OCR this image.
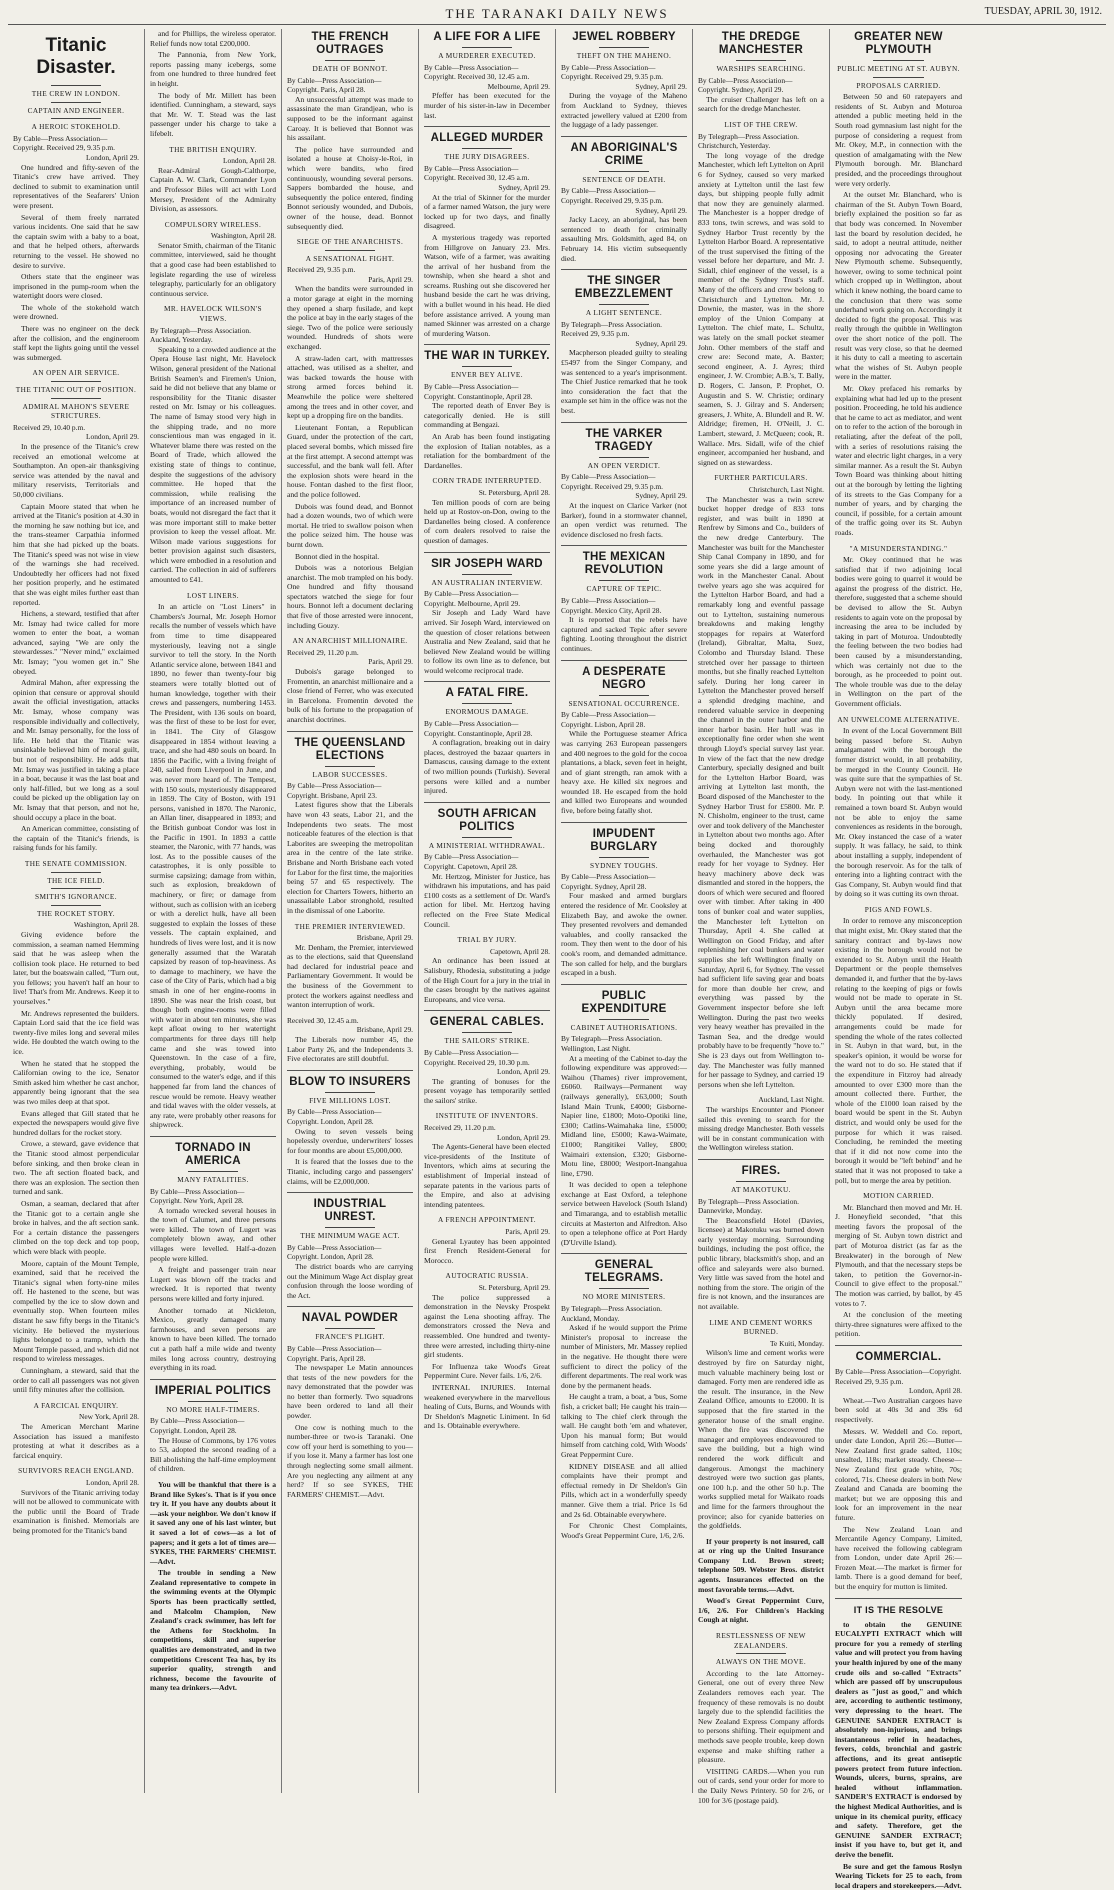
THE TARANAKI DAILY NEWS	TUESDAY, APRIL 30, 1912.
Titanic Disaster.
THE CREW IN LONDON.
CAPTAIN AND ENGINEER.
A HEROIC STOKEHOLD.
By Cable—Press Association—Copyright. Received 29, 9.35 p.m.
London, April 29.

One hundred and fifty-seven of the Titanic's crew have arrived. They declined to submit to examination until representatives of the Seafarers' Union were present.

Several of them freely narrated various incidents. One said that he saw the captain swim with a baby to a boat, and that he helped others, afterwards returning to the vessel. He showed no desire to survive.

Others state that the engineer was imprisoned in the pump-room when the watertight doors were closed.

The whole of the stokehold watch were drowned.

There was no engineer on the deck after the collision, and the engineroom staff kept the lights going until the vessel was submerged.

AN OPEN AIR SERVICE.
THE TITANIC OUT OF POSITION.
ADMIRAL MAHON'S SEVERE STRICTURES.
Received 29, 10.40 p.m.
London, April 29.

In the presence of the Titanic's crew received an emotional welcome at Southampton. An open-air thanksgiving service was attended by the naval and military reservists, Territorials and 50,000 civilians.

Captain Moore stated that when he arrived at the Titanic's position at 4.30 in the morning he saw nothing but ice, and the trans-steamer Carpathia informed him that she had picked up the boats. The Titanic's speed was not wise in view of the warnings she had received. Undoubtedly her officers had not fixed her position properly, and he estimated that she was eight miles further east than reported.

Hichens, a steward, testified that after Mr. Ismay had twice called for more women to enter the boat, a woman advanced, saying "We are only the stewardesses." "Never mind," exclaimed Mr. Ismay; "you women get in." She obeyed.

Admiral Mahon, after expressing the opinion that censure or approval should await the official investigation, attacks Mr. Ismay, whose company was responsible individually and collectively, and Mr. Ismay personally, for the loss of life. He held that the Titanic was unsinkable believed him of moral guilt, but not of responsibility. He adds that Mr. Ismay was justified in taking a place in a boat, because it was the last boat and only half-filled, but we long as a soul could be picked up the obligation lay on Mr. Ismay that that person, and not he, should occupy a place in the boat.

An American committee, consisting of the captain of the Titanic's friends, is raising funds for his family.

THE SENATE COMMISSION.
THE ICE FIELD.
SMITH'S IGNORANCE.
THE ROCKET STORY.
Washington, April 28.

Giving evidence before the commission, a seaman named Hemming said that he was asleep when the collision took place. He returned to bed later, but the boatswain called, "Turn out, you fellows; you haven't half an hour to live! That's from Mr. Andrews. Keep it to yourselves."

Mr. Andrews represented the builders. Captain Lord said that the ice field was twenty-five miles long and several miles wide. He doubted the watch owing to the ice.

When he stated that he stopped the Californian owing to the ice, Senator Smith asked him whether he cast anchor, apparently being ignorant that the sea was two miles deep at that spot.

Evans alleged that Gill stated that he expected the newspapers would give five hundred dollars for the rocket story.

Crowe, a steward, gave evidence that the Titanic stood almost perpendicular before sinking, and then broke clean in two. The aft section floated back, and there was an explosion. The section then turned and sank.

Osman, a seaman, declared that after the Titanic got to a certain angle she broke in halves, and the aft section sank. For a certain distance the passengers climbed on the top deck and top poop, which were black with people.

Moore, captain of the Mount Temple, examined, said that he received the Titanic's signal when forty-nine miles off. He hastened to the scene, but was compelled by the ice to slow down and eventually stop. When fourteen miles distant he saw fifty bergs in the Titanic's vicinity. He believed the mysterious lights belonged to a tramp, which the Mount Temple passed, and which did not respond to wireless messages.

Cunningham, a steward, said that the order to call all passengers was not given until fifty minutes after the collision.

A FARCICAL ENQUIRY.
New York, April 28.

The American Merchant Marine Association has issued a manifesto protesting at what it describes as a farcical enquiry.

SURVIVORS REACH ENGLAND.
London, April 28.

Survivors of the Titanic arriving today will not be allowed to communicate with the public until the Board of Trade examination is finished. Memorials are being promoted for the Titanic's band

and for Phillips, the wireless operator. Relief funds now total £200,000.

The Pannonia, from New York, reports passing many icebergs, some from one hundred to three hundred feet in height.

The body of Mr. Millett has been identified. Cunningham, a steward, says that Mr. W. T. Stead was the last passenger under his charge to take a lifebelt.

THE BRITISH ENQUIRY.
London, April 28.

Rear-Admiral Gough-Calthorpe, Captain A. W. Clark, Commander Lyon and Professor Biles will act with Lord Mersey, President of the Admiralty Division, as assessors.

COMPULSORY WIRELESS.
Washington, April 28.

Senator Smith, chairman of the Titanic committee, interviewed, said he thought that a good case had been established to legislate regarding the use of wireless telegraphy, particularly for an obligatory continuous service.

MR. HAVELOCK WILSON'S VIEWS.
By Telegraph—Press Association. Auckland, Yesterday.

Speaking to a crowded audience at the Opera House last night, Mr. Havelock Wilson, general president of the National British Seamen's and Firemen's Union, said he did not believe that any blame or responsibility for the Titanic disaster rested on Mr. Ismay or his colleagues. The name of Ismay stood very high in the shipping trade, and no more conscientious man was engaged in it. Whatever blame there was rested on the Board of Trade, which allowed the existing state of things to continue, despite the suggestions of the advisory committee. He hoped that the commission, while realising the importance of an increased number of boats, would not disregard the fact that it was more important still to make better provision to keep the vessel afloat. Mr. Wilson made various suggestions for better provision against such disasters, which were embodied in a resolution and carried. The collection in aid of sufferers amounted to £41.

LOST LINERS.

In an article on "Lost Liners" in Chambers's Journal, Mr. Joseph Hornor recalls the number of vessels which have from time to time disappeared mysteriously, leaving not a single survivor to tell the story. In the North Atlantic service alone, between 1841 and 1890, no fewer than twenty-four big steamers were totally blotted out of human knowledge, together with their crews and passengers, numbering 1453. The President, with 136 souls on board, was the first of these to be lost for ever, in 1841. The City of Glasgow disappeared in 1854 without leaving a trace, and she had 480 souls on board. In 1856 the Pacific, with a living freight of 240, sailed from Liverpool in June, and was never more heard of. The Tempest, with 150 souls, mysteriously disappeared in 1859. The City of Boston, with 191 persons, vanished in 1870. The Naronic, an Allan liner, disappeared in 1893; and the British gunboat Condor was lost in the Pacific in 1901. In 1893 a cattle steamer, the Naronic, with 77 hands, was lost. As to the possible causes of the catastrophes, it is only possible to surmise capsizing; damage from within, such as explosion, breakdown of machinery, or fire; or damage from without, such as collision with an iceberg or with a derelict hulk, have all been suggested to explain the losses of these vessels. The captain explained, and hundreds of lives were lost, and it is now generally assumed that the Waratah capsized by reason of top-heaviness. As to damage to machinery, we have the case of the City of Paris, which had a big smash in one of her engine-rooms in 1890. She was near the Irish coast, but though both engine-rooms were filled with water in about ten minutes, she was kept afloat owing to her watertight compartments for three days till help came and she was towed into Queenstown. In the case of a fire, everything, probably, would be consumed to the water's edge, and if this happened far from land the chances of rescue would be remote. Heavy weather and tidal waves with the older vessels, at any rate, were probably other reasons for shipwreck.

TORNADO IN AMERICA
MANY FATALITIES.
By Cable—Press Association—Copyright. New York, April 28.

A tornado wrecked several houses in the town of Calumet, and three persons were killed. The town of Lugert was completely blown away, and other villages were levelled. Half-a-dozen people were killed.

A freight and passenger train near Lugert was blown off the tracks and wrecked. It is reported that twenty persons were killed and forty injured.

Another tornado at Nickleton, Mexico, greatly damaged many farmhouses, and seven persons are known to have been killed. The tornado cut a path half a mile wide and twenty miles long across country, destroying everything in its road.

IMPERIAL POLITICS
NO MORE HALF-TIMERS.
By Cable—Press Association—Copyright. London, April 28.

The House of Commons, by 176 votes to 53, adopted the second reading of a Bill abolishing the half-time employment of children.

You will be thankful that there is a Brand like Sykes's. That is if you once try it. If you have any doubts about it—ask your neighbor. We don't know if it saved any one of his last winter, but it saved a lot of cows—as a lot of papers; and it gets a lot of times are—SYKES, THE FARMERS' CHEMIST.—Advt.

The trouble in sending a New Zealand representative to compete in the swimming events at the Olympic Sports has been practically settled, and Malcolm Champion, New Zealand's crack swimmer, has left for the Athens for Stockholm. In competitions, skill and superior qualities are demonstrated, and in two competitions Crescent Tea has, by its superior quality, strength and richness, become the favourite of many tea drinkers.—Advt.

THE FRENCH OUTRAGES
DEATH OF BONNOT.
By Cable—Press Association—Copyright. Paris, April 28.

An unsuccessful attempt was made to assassinate the man Grandjean, who is supposed to be the informant against Caroay. It is believed that Bonnot was his assailant.

The police have surrounded and isolated a house at Choisy-le-Roi, in which were bandits, who fired continuously, wounding several persons. Sappers bombarded the house, and subsequently the police entered, finding Bonnot seriously wounded, and Dubois, owner of the house, dead. Bonnot subsequently died.

SIEGE OF THE ANARCHISTS.
A SENSATIONAL FIGHT.
Received 29, 9.35 p.m.
Paris, April 29.

When the bandits were surrounded in a motor garage at eight in the morning they opened a sharp fusilade, and kept the police at bay in the early stages of the siege. Two of the police were seriously wounded. Hundreds of shots were exchanged.

A straw-laden cart, with mattresses attached, was utilised as a shelter, and was backed towards the house with strong armed forces behind it. Meanwhile the police were sheltered among the trees and in other cover, and kept up a dropping fire on the bandits.

Lieutenant Fontan, a Republican Guard, under the protection of the cart, placed several bombs, which missed fire at the first attempt. A second attempt was successful, and the bank wall fell. After the explosion shots were heard in the house. Fontan dashed to the first floor, and the police followed.

Dubois was found dead, and Bonnot had a dozen wounds, two of which were mortal. He tried to swallow poison when the police seized him. The house was burnt down.

Bonnot died in the hospital.

Dubois was a notorious Belgian anarchist. The mob trampled on his body. One hundred and fifty thousand spectators watched the siege for four hours. Bonnot left a document declaring that five of those arrested were innocent, including Gouzy.

AN ANARCHIST MILLIONAIRE.
Received 29, 11.20 p.m.
Paris, April 29.

Dubois's garage belonged to Fromentin, an anarchist millionaire and a close friend of Ferrer, who was executed in Barcelona. Fromentin devoted the bulk of his fortune to the propagation of anarchist doctrines.

THE QUEENSLAND ELECTIONS
LABOR SUCCESSES.
By Cable—Press Association—Copyright. Brisbane, April 23.

Latest figures show that the Liberals have won 43 seats, Labor 21, and the Independents two seats. The most noticeable features of the election is that Laborites are sweeping the metropolitan area in the centre of the late strike. Brisbane and North Brisbane each voted for Labor for the first time, the majorities being 57 and 65 respectively. The election for Charters Towers, hitherto an unassailable Labor stronghold, resulted in the dismissal of one Laborite.

THE PREMIER INTERVIEWED.
Brisbane, April 29.

Mr. Denham, the Premier, interviewed as to the elections, said that Queensland had declared for industrial peace and Parliamentary Government. It would be the business of the Government to protect the workers against needless and wanton interruption of work.

Received 30, 12.45 a.m.
Brisbane, April 29.

The Liberals now number 45, the Labor Party 26, and the Independents 3. Five electorates are still doubtful.

BLOW TO INSURERS
FIVE MILLIONS LOST.
By Cable—Press Association—Copyright. London, April 28.

Owing to seven vessels being hopelessly overdue, underwriters' losses for four months are about £5,000,000.

It is feared that the losses due to the Titanic, including cargo and passengers' claims, will be £2,000,000.

INDUSTRIAL UNREST.
THE MINIMUM WAGE ACT.
By Cable—Press Association—Copyright. London, April 28.

The district boards who are carrying out the Minimum Wage Act display great confusion through the loose wording of the Act.

NAVAL POWDER
FRANCE'S PLIGHT.
By Cable—Press Association—Copyright. Paris, April 28.

The newspaper Le Matin announces that tests of the new powders for the navy demonstrated that the powder was no better than formerly. Two squadrons have been ordered to land all their powder.

One cow is nothing much to the number-three or two-is Taranaki. One cow off your herd is something to you—if you lose it. Many a farmer has lost one through neglecting some small ailment. Are you neglecting any ailment at any herd? If so see SYKES, THE FARMERS' CHEMIST.—Advt.

A LIFE FOR A LIFE
A MURDERER EXECUTED.
By Cable—Press Association—Copyright. Received 30, 12.45 a.m.
Melbourne, April 29.

Pfeffer has been executed for the murder of his sister-in-law in December last.

ALLEGED MURDER
THE JURY DISAGREES.
By Cable—Press Association—Copyright. Received 30, 12.45 a.m.
Sydney, April 29.

At the trial of Skinner for the murder of a farmer named Watson, the jury were locked up for two days, and finally disagreed.

A mysterious tragedy was reported from Hillgrove on January 23. Mrs. Watson, wife of a farmer, was awaiting the arrival of her husband from the township, when she heard a shot and screams. Rushing out she discovered her husband beside the cart he was driving, with a bullet wound in his head. He died before assistance arrived. A young man named Skinner was arrested on a charge of murdering Watson.

THE WAR IN TURKEY.
ENVER BEY ALIVE.
By Cable—Press Association—Copyright. Constantinople, April 28.

The reported death of Enver Bey is categorically denied. He is still commanding at Bengazi.

An Arab has been found instigating the explosion of Italian notables, as a retaliation for the bombardment of the Dardanelles.

CORN TRADE INTERRUPTED.
St. Petersburg, April 28.

Ten million poods of corn are being held up at Rostov-on-Don, owing to the Dardanelles being closed. A conference of corn dealers resolved to raise the question of damages.

SIR JOSEPH WARD
AN AUSTRALIAN INTERVIEW.
By Cable—Press Association—Copyright. Melbourne, April 29.

Sir Joseph and Lady Ward have arrived. Sir Joseph Ward, interviewed on the question of closer relations between Australia and New Zealand, said that he believed New Zealand would be willing to follow its own line as to defence, but would welcome reciprocal trade.

A FATAL FIRE.
ENORMOUS DAMAGE.
By Cable—Press Association—Copyright. Constantinople, April 28.

A conflagration, breaking out in dairy places, destroyed the bazaar quarters in Damascus, causing damage to the extent of two million pounds (Turkish). Several persons were killed and a number injured.

SOUTH AFRICAN POLITICS
A MINISTERIAL WITHDRAWAL.
By Cable—Press Association—Copyright. Capetown, April 28.

Mr. Hertzog, Minister for Justice, has withdrawn his imputations, and has paid £100 costs as a settlement of Dr. Ward's action for libel. Mr. Hertzog having reflected on the Free State Medical Council.

TRIAL BY JURY.
Capetown, April 28.

An ordinance has been issued at Salisbury, Rhodesia, substituting a judge of the High Court for a jury in the trial in the cases brought by the natives against Europeans, and vice versa.

GENERAL CABLES.
THE SAILORS' STRIKE.
By Cable—Press Association—Copyright. Received 29, 10.30 p.m.
London, April 29.

The granting of bonuses for the present voyage has temporarily settled the sailors' strike.

INSTITUTE OF INVENTORS.
Received 29, 11.20 p.m.
London, April 29.

The Agents-General have been elected vice-presidents of the Institute of Inventors, which aims at securing the establishment of Imperial instead of separate patents in the various parts of the Empire, and also at advising intending patentees.

A FRENCH APPOINTMENT.
Paris, April 29.

General Lyautey has been appointed first French Resident-General for Morocco.

AUTOCRATIC RUSSIA.
St. Petersburg, April 29.

The police suppressed a demonstration in the Nevsky Prospekt against the Lena shooting affray. The demonstrators crossed the Neva and reassembled. One hundred and twenty-three were arrested, including thirty-nine girl students.

For Influenza take Wood's Great Peppermint Cure. Never fails. 1/6, 2/6.

INTERNAL INJURIES. Internal weakened everywhere in the marvellous healing of Cuts, Burns, and Wounds with Dr Sheldon's Magnetic Liniment. In 6d and 1s. Obtainable everywhere.

JEWEL ROBBERY
THEFT ON THE MAHENO.
By Cable—Press Association—Copyright. Received 29, 9.35 p.m.
Sydney, April 29.

During the voyage of the Maheno from Auckland to Sydney, thieves extracted jewellery valued at £200 from the luggage of a lady passenger.

AN ABORIGINAL'S CRIME
SENTENCE OF DEATH.
By Cable—Press Association—Copyright. Received 29, 9.35 p.m.
Sydney, April 29.

Jacky Lacey, an aboriginal, has been sentenced to death for criminally assaulting Mrs. Goldsmith, aged 84, on February 14. His victim subsequently died.

THE SINGER EMBEZZLEMENT
A LIGHT SENTENCE.
By Telegraph—Press Association. Received 29, 9.35 p.m.
Sydney, April 29.

Macpherson pleaded guilty to stealing £5497 from the Singer Company, and was sentenced to a year's imprisonment. The Chief Justice remarked that he took into consideration the fact that the example set him in the office was not the best.

THE VARKER TRAGEDY
AN OPEN VERDICT.
By Cable—Press Association—Copyright. Received 29, 9.35 p.m.
Sydney, April 29.

At the inquest on Clarice Varker (not Barker), found in a stormwater channel, an open verdict was returned. The evidence disclosed no fresh facts.

THE MEXICAN REVOLUTION
CAPTURE OF TEPIC.
By Cable—Press Association—Copyright. Mexico City, April 28.

It is reported that the rebels have captured and sacked Tepic after severe fighting. Looting throughout the district continues.

A DESPERATE NEGRO
SENSATIONAL OCCURRENCE.
By Cable—Press Association—Copyright. Lisbon, April 28.

While the Portuguese steamer Africa was carrying 263 European passengers and 400 negroes to the gold for the cocoa plantations, a black, seven feet in height, and of giant strength, ran amok with a heavy axe. He killed six negroes and wounded 18. He escaped from the hold and killed two Europeans and wounded five, before being fatally shot.

IMPUDENT BURGLARY
SYDNEY TOUGHS.
By Cable—Press Association—Copyright. Sydney, April 28.

Four masked and armed burglars entered the residence of Mr. Cooksley at Elizabeth Bay, and awoke the owner. They presented revolvers and demanded valuables, and coolly ransacked the room. They then went to the door of his cook's room, and demanded admittance. The son called for help, and the burglars escaped in a bush.

PUBLIC EXPENDITURE
CABINET AUTHORISATIONS.
By Telegraph—Press Association. Wellington, Last Night.

At a meeting of the Cabinet to-day the following expenditure was approved:— Waihou (Thames) river improvement, £6060. Railways—Permanent way (railways generally), £63,000; South Island Main Trunk, £4000; Gisborne-Napier line, £1800; Moto-Opotiki line, £300; Catlins-Waimahaka line, £5000; Midland line, £5000; Kawa-Waimate, £1000; Rangitikei Valley, £800; Waimairi extension, £320; Gisborne-Motu line, £8000; Westport-Inangahua line, £790.

It was decided to open a telephone exchange at East Oxford, a telephone service between Havelock (South Island) and Timaranga, and to establish metallic circuits at Masterton and Alfredton. Also to open a telephone office at Port Hardy (D'Urville Island).

GENERAL TELEGRAMS.
NO MORE MINISTERS.
By Telegraph—Press Association. Auckland, Monday.

Asked if he would support the Prime Minister's proposal to increase the number of Ministers, Mr. Massey replied in the negative. He thought there were sufficient to direct the policy of the different departments. The real work was done by the permanent heads.

He caught a tram, a boat, a 'bus, Some fish, a cricket ball; He caught his train—talking to The chief clerk through the wall. He caught both 'em and whatever, Upon his manual form; But would himself from catching cold, With Woods' Great Peppermint Cure.

KIDNEY DISEASE and all allied complaints have their prompt and effectual remedy in Dr Sheldon's Gin Pills, which act in a wonderfully speedy manner. Give them a trial. Price 1s 6d and 2s 6d. Obtainable everywhere.

For Chronic Chest Complaints, Wood's Great Peppermint Cure, 1/6, 2/6.

THE DREDGE MANCHESTER
WARSHIPS SEARCHING.
By Cable—Press Association—Copyright. Sydney, April 29.

The cruiser Challenger has left on a search for the dredge Manchester.

LIST OF THE CREW.
By Telegraph—Press Association. Christchurch, Yesterday.

The long voyage of the dredge Manchester, which left Lyttelton on April 6 for Sydney, caused so very marked anxiety at Lyttelton until the last few days, but shipping people fully admit that now they are genuinely alarmed. The Manchester is a hopper dredge of 833 tons, twin screws, and was sold to Sydney Harbor Trust recently by the Lyttelton Harbor Board. A representative of the trust supervised the fitting of the vessel before her departure, and Mr. J. Sidall, chief engineer of the vessel, is a member of the Sydney Trust's staff. Many of the officers and crew belong to Christchurch and Lyttelton. Mr. J. Downie, the master, was in the shore employ of the Union Company at Lyttelton. The chief mate, L. Schultz, was lately on the small pocket steamer John. Other members of the staff and crew are: Second mate, A. Baxter; second engineer, A. J. Ayres; third engineer, J. W. Crombie; A.B.'s, T. Bally, D. Rogers, C. Janson, P. Prophet, O. Augustin and S. W. Christie; ordinary seamen, S. J. Gilray and S. Andersen; greasers, J. White, A. Blundell and R. W. Aldridge; firemen, H. O'Neill, J. C. Lambert, steward, J. McQueen; cook, R. Wallace. Mrs. Sidall, wife of the chief engineer, accompanied her husband, and signed on as stewardess.

FURTHER PARTICULARS.
Christchurch, Last Night.

The Manchester was a twin screw bucket hopper dredge of 833 tons register, and was built in 1890 at Renfrew by Simons and Co., builders of the new dredge Canterbury. The Manchester was built for the Manchester Ship Canal Company in 1890, and for some years she did a large amount of work in the Manchester Canal. About twelve years ago she was acquired for the Lyttelton Harbor Board, and had a remarkably long and eventful passage out to Lyttelton, sustaining numerous breakdowns and making lengthy stoppages for repairs at Waterford (Ireland), Gibraltar, Malta, Suez, Colombo and Thursday Island. These stretched over her passage to thirteen months, but she finally reached Lyttelton safely. During her long career in Lyttelton the Manchester proved herself a splendid dredging machine, and rendered valuable service in deepening the channel in the outer harbor and the inner harbor basin. Her hull was in exceptionally fine order when she went through Lloyd's special survey last year. In view of the fact that the new dredge Canterbury, specially designed and built for the Lyttelton Harbor Board, was arriving at Lyttelton last month, the Board disposed of the Manchester to the Sydney Harbor Trust for £5800. Mr. P. N. Chisholm, engineer to the trust, came over and took delivery of the Manchester in Lyttelton about two months ago. After being docked and thoroughly overhauled, the Manchester was got ready for her voyage to Sydney. Her heavy machinery above deck was dismantled and stored in the hoppers, the doors of which were secured and floored over with timber. After taking in 400 tons of bunker coal and water supplies, the Manchester left Lyttelton on Thursday, April 4. She called at Wellington on Good Friday, and after replenishing her coal bunkers and water supplies she left Wellington finally on Saturday, April 6, for Sydney. The vessel had sufficient life saving gear and boats for more than double her crew, and everything was passed by the Government inspector before she left Wellington. During the past two weeks very heavy weather has prevailed in the Tasman Sea, and the dredge would probably have to be frequently "hove to." She is 23 days out from Wellington to-day. The Manchester was fully manned for her passage to Sydney, and carried 19 persons when she left Lyttelton.

Auckland, Last Night.

The warships Encounter and Pioneer sailed this evening to search for the missing dredge Manchester. Both vessels will be in constant communication with the Wellington wireless station.

FIRES.
AT MAKOTUKU.
By Telegraph—Press Association. Dannevirke, Monday.

The Beaconsfield Hotel (Davies, licensee) at Makotuku was burned down early yesterday morning. Surrounding buildings, including the post office, the public library, blacksmith's shop, and an office and saleyards were also burned. Very little was saved from the hotel and nothing from the store. The origin of the fire is not known, and the insurances are not available.

LIME AND CEMENT WORKS BURNED.
Te Kuiti, Monday.

Wilson's lime and cement works were destroyed by fire on Saturday night, much valuable machinery being lost or damaged. Forty men are rendered idle as the result. The insurance, in the New Zealand Office, amounts to £2000. It is supposed that the fire started in the generator house of the small engine. When the fire was discovered the manager and employees endeavoured to save the building, but a high wind rendered the work difficult and dangerous. Amongst the machinery destroyed were two suction gas plants, one 100 h.p. and the other 50 h.p. The works supplied metal for Waikato roads and lime for the farmers throughout the province; also for cyanide batteries on the goldfields.

If your property is not insured, call at or ring up the United Insurance Company Ltd. Brown street; telephone 509. Webster Bros. district agents. Insurances effected on the most favorable terms.—Advt.

Wood's Great Peppermint Cure, 1/6, 2/6. For Children's Hacking Cough at night.

RESTLESSNESS OF NEW ZEALANDERS.
ALWAYS ON THE MOVE.

According to the late Attorney-General, one out of every three New Zealanders removes each year. The frequency of these removals is no doubt largely due to the splendid facilities the New Zealand Express Company affords to persons shifting. Their equipment and methods save people trouble, keep down expense and make shifting rather a pleasure.

VISITING CARDS.—When you run out of cards, send your order for more to the Daily News Printery. 50 for 2/6, or 100 for 3/6 (postage paid).

GREATER NEW PLYMOUTH
PUBLIC MEETING AT ST. AUBYN.
PROPOSALS CARRIED.

Between 50 and 60 ratepayers and residents of St. Aubyn and Moturoa attended a public meeting held in the South road gymnasium last night for the purpose of considering a request from Mr. Okey, M.P., in connection with the question of amalgamating with the New Plymouth borough. Mr. Blanchard presided, and the proceedings throughout were very orderly.

At the outset Mr. Blanchard, who is chairman of the St. Aubyn Town Board, briefly explained the position so far as that body was concerned. In November last the board by resolution decided, he said, to adopt a neutral attitude, neither opposing nor advocating the Greater New Plymouth scheme. Subsequently, however, owing to some technical point which cropped up in Wellington, about which it knew nothing, the board came to the conclusion that there was some underhand work going on. Accordingly it decided to fight the proposal. This was really through the quibble in Wellington over the short notice of the poll. The result was very close, so that he deemed it his duty to call a meeting to ascertain what the wishes of St. Aubyn people were in the matter.

Mr. Okey prefaced his remarks by explaining what had led up to the present position. Proceeding, he told his audience that he came to act as mediator, and went on to refer to the action of the borough in retaliating, after the defeat of the poll, with a series of resolutions raising the water and electric light charges, in a very similar manner. As a result the St. Aubyn Town Board was thinking about hitting out at the borough by letting the lighting of its streets to the Gas Company for a number of years, and by charging the council, if possible, for a certain amount of the traffic going over its St. Aubyn roads.

"A MISUNDERSTANDING."

Mr. Okey continued that he was satisfied that if two adjoining local bodies were going to quarrel it would be against the progress of the district. He, therefore, suggested that a scheme should be devised to allow the St. Aubyn residents to again vote on the proposal by increasing the area to be included by taking in part of Moturoa. Undoubtedly the feeling between the two bodies had been caused by a misunderstanding, which was certainly not due to the borough, as he proceeded to point out. The whole trouble was due to the delay in Wellington on the part of the Government officials.

AN UNWELCOME ALTERNATIVE.

In event of the Local Government Bill being passed before St. Aubyn amalgamated with the borough the former district would, in all probability, be merged in the County Council. He was quite sure that the sympathies of St. Aubyn were not with the last-mentioned body. In pointing out that while it remained a town board St. Aubyn would not be able to enjoy the same conveniences as residents in the borough, Mr. Okey instanced the case of a water supply. It was fallacy, he said, to think about installing a supply, independent of the borough reservoir. As for the talk of entering into a lighting contract with the Gas Company, St. Aubyn would find that by doing so it was cutting its own throat.

PIGS AND FOWLS.

In order to remove any misconception that might exist, Mr. Okey stated that the sanitary contract and by-laws now existing in the borough would not be extended to St. Aubyn until the Health Department or the people themselves demanded it, and further that the by-laws relating to the keeping of pigs or fowls would not be made to operate in St. Aubyn until the area became more thickly populated. If desired, arrangements could be made for spending the whole of the rates collected in St. Aubyn in that ward, but, in the speaker's opinion, it would be worse for the ward not to do so. He stated that if the expenditure in Fitzroy had already amounted to over £300 more than the amount collected there. Further, the whole of the £1000 loan raised by the board would be spent in the St. Aubyn district, and would only be used for the purpose for which it was raised. Concluding, he reminded the meeting that if it did not now come into the borough it would be "left behind" and he stated that it was not proposed to take a poll, but to merge the area by petition.

MOTION CARRIED.

Mr. Blanchard then moved and Mr. H. J. Honeyfield seconded, "that this meeting favors the proposal of the merging of St. Aubyn town district and part of Moturoa district (as far as the Breakwater) in the borough of New Plymouth, and that the necessary steps be taken, to petition the Governor-in-Council to give effect to the proposal." The motion was carried, by ballot, by 45 votes to 7.

At the conclusion of the meeting thirty-three signatures were affixed to the petition.

COMMERCIAL.
By Cable—Press Association—Copyright. Received 29, 9.35 p.m.
London, April 28.

Wheat.—Two Australian cargoes have been sold at 40s 3d and 39s 6d respectively.

Messrs. W. Weddell and Co. report, under date London, April 26:—Butter—New Zealand first grade salted, 110s; unsalted, 118s; market steady. Cheese—New Zealand first grade white, 70s; colored, 71s. Cheese dealers in both New Zealand and Canada are booming the market; but we are opposing this and look for an improvement in the near future.

The New Zealand Loan and Mercantile Agency Company, Limited, have received the following cablegram from London, under date April 26:—Frozen Meat.—The market is firmer for lamb. There is a good demand for beef, but the enquiry for mutton is limited.

IT IS THE RESOLVE

to obtain the GENUINE EUCALYPTI EXTRACT which will procure for you a remedy of sterling value and will protect you from having your health injured by one of the many crude oils and so-called "Extracts" which are passed off by unscrupulous dealers as "just as good," and which are, according to authentic testimony, very depressing to the heart. The GENUINE SANDER EXTRACT is absolutely non-injurious, and brings instantaneous relief in headaches, fevers, colds, bronchial and gastric affections, and its great antiseptic powers protect from future infection. Wounds, ulcers, burns, sprains, are healed without inflammation. SANDER'S EXTRACT is endorsed by the highest Medical Authorities, and is unique in its chemical purity, efficacy and safety. Therefore, get the GENUINE SANDER EXTRACT; insist if you have to, but get it, and derive the benefit.

Be sure and get the famous Roslyn Wearing Tickets for 25 to each, from local drapers and storekeepers.—Advt.
